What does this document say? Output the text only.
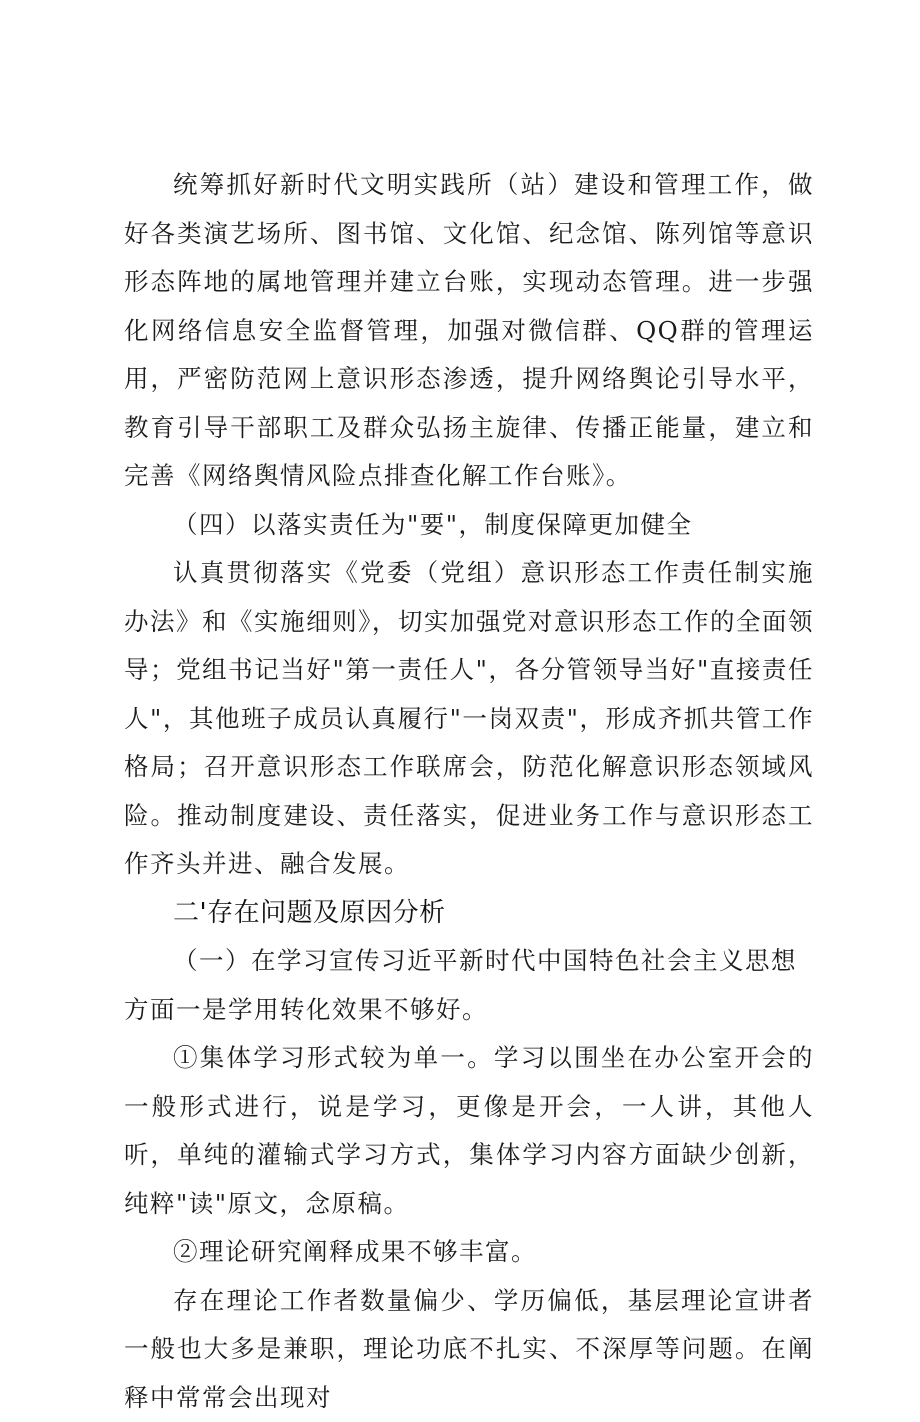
统筹抓好新时代文明实践所（站）建设和管理工作，做好各类演艺场所、图书馆、文化馆、纪念馆、陈列馆等意识形态阵地的属地管理并建立台账，实现动态管理。进一步强化网络信息安全监督管理，加强对微信群、QQ群的管理运用，严密防范网上意识形态渗透，提升网络舆论引导水平，教育引导干部职工及群众弘扬主旋律、传播正能量，建立和完善《网络舆情风险点排查化解工作台账》。

（四）以落实责任为"要"，制度保障更加健全

认真贯彻落实《党委（党组）意识形态工作责任制实施办法》和《实施细则》，切实加强党对意识形态工作的全面领导；党组书记当好"第一责任人"，各分管领导当好"直接责任人"，其他班子成员认真履行"一岗双责"，形成齐抓共管工作格局；召开意识形态工作联席会，防范化解意识形态领域风险。推动制度建设、责任落实，促进业务工作与意识形态工作齐头并进、融合发展。

二'存在问题及原因分析

（一）在学习宣传习近平新时代中国特色社会主义思想方面一是学用转化效果不够好。

①集体学习形式较为单一。学习以围坐在办公室开会的一般形式进行，说是学习，更像是开会，一人讲，其他人听，单纯的灌输式学习方式，集体学习内容方面缺少创新，纯粹"读"原文，念原稿。

②理论研究阐释成果不够丰富。

存在理论工作者数量偏少、学历偏低，基层理论宣讲者一般也大多是兼职，理论功底不扎实、不深厚等问题。在阐释中常常会出现对
